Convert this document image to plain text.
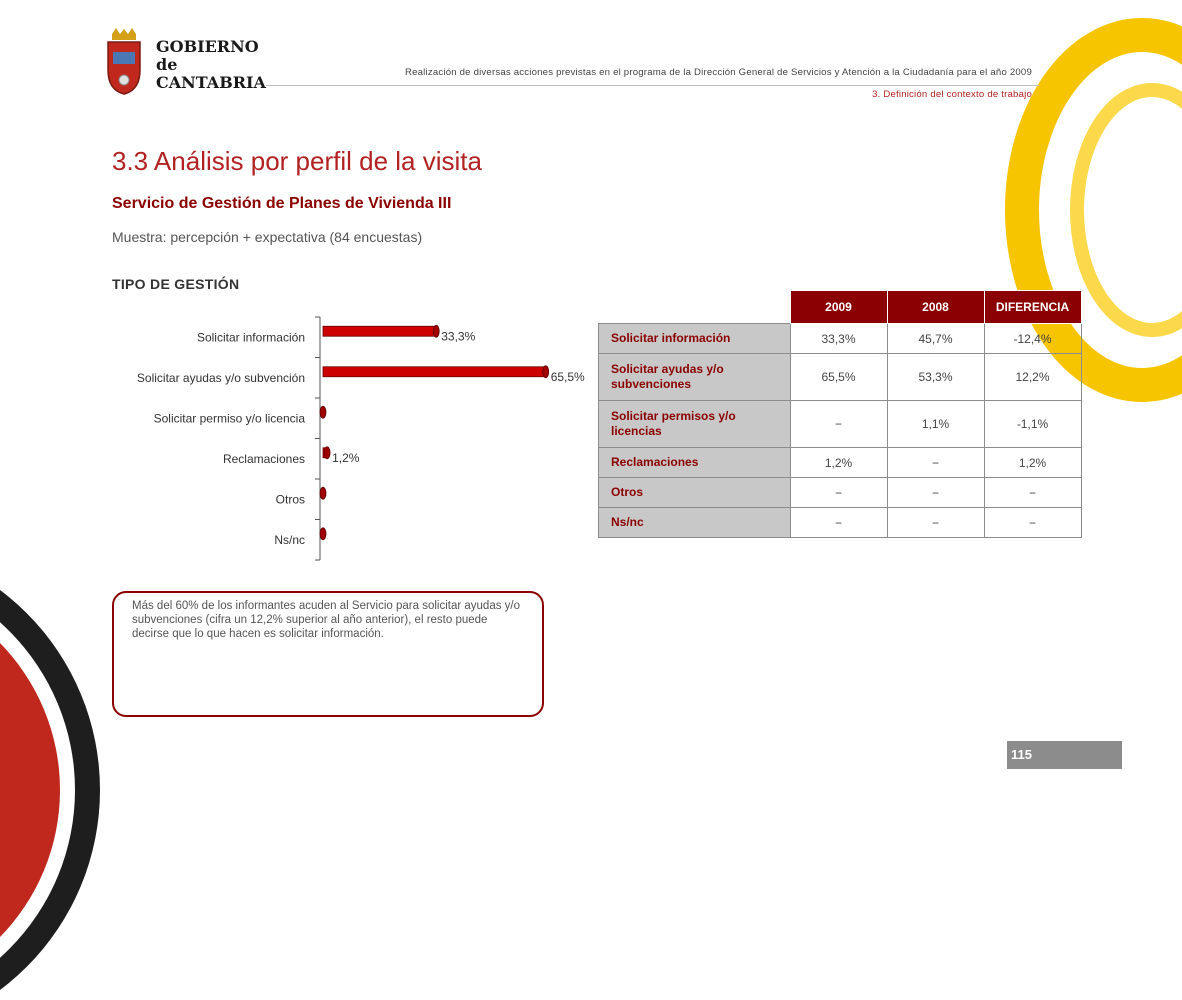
GOBIERNO
de
CANTABRIA
Realización de diversas acciones previstas en el programa de la Dirección General de Servicios y Atención a la Ciudadanía para el año 2009
3. Definición del contexto de trabajo
3.3 Análisis por perfil de la visita
Servicio de Gestión de Planes de Vivienda III
Muestra: percepción + expectativa (84 encuestas)
TIPO DE GESTIÓN
Solicitar información	33,3%
Solicitar ayudas y/o subvención	65,5%
Solicitar permiso y/o licencia
Reclamaciones 1,2%
Otros
Ns/nc
	2009	2008	DIFERENCIA
Solicitar información	33,3%	45,7%	-12,4%
Solicitar ayudas y/o subvenciones	65,5%	53,3%	12,2%
Solicitar permisos y/o licencias	−	1,1%	-1,1%
Reclamaciones	1,2%	−	1,2%
Otros	−	−	−
Ns/nc	−	−	−
Más del 60% de los informantes acuden al Servicio para solicitar ayudas y/o subvenciones (cifra un 12,2% superior al año anterior), el resto puede decirse que lo que hacen es solicitar información.
115
